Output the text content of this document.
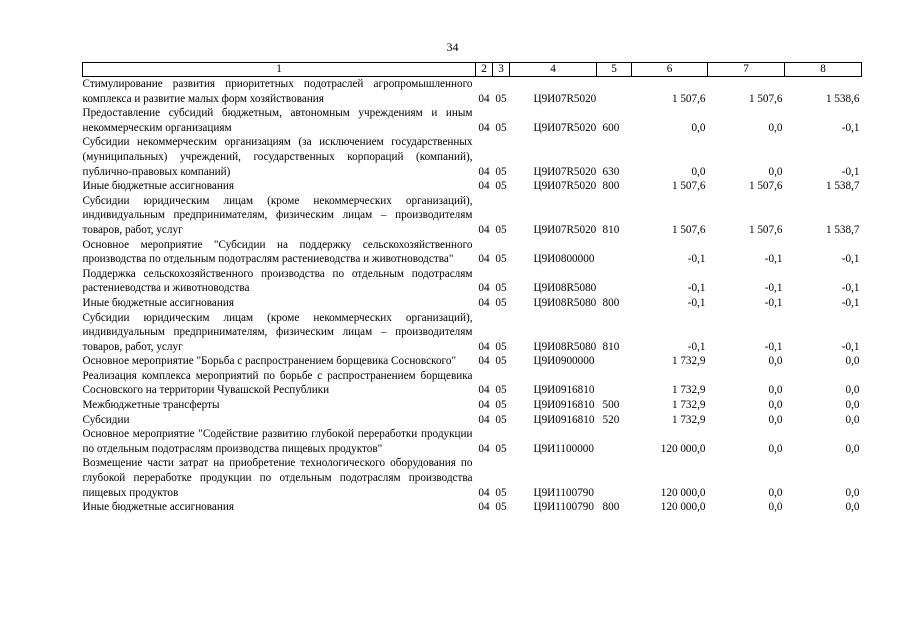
34
1	2	3	4	5	6	7	8
Стимулирование развития приоритетных подотраслей агропромышленного комплекса и развитие малых форм хозяйствования	04	05	Ц9И07R5020		1 507,6	1 507,6	1 538,6
Предоставление субсидий бюджетным, автономным учреждениям и иным некоммерческим организациям	04	05	Ц9И07R5020	600	0,0	0,0	-0,1
Субсидии некоммерческим организациям (за исключением государственных (муниципальных) учреждений, государственных корпораций (компаний), публично-правовых компаний)	04	05	Ц9И07R5020	630	0,0	0,0	-0,1
Иные бюджетные ассигнования	04	05	Ц9И07R5020	800	1 507,6	1 507,6	1 538,7
Субсидии юридическим лицам (кроме некоммерческих организаций), индивидуальным предпринимателям, физическим лицам – производителям товаров, работ, услуг	04	05	Ц9И07R5020	810	1 507,6	1 507,6	1 538,7
Основное мероприятие "Субсидии на поддержку сельскохозяйственного производства по отдельным подотраслям растениеводства и животноводства"	04	05	Ц9И0800000		-0,1	-0,1	-0,1
Поддержка сельскохозяйственного производства по отдельным подотраслям растениеводства и животноводства	04	05	Ц9И08R5080		-0,1	-0,1	-0,1
Иные бюджетные ассигнования	04	05	Ц9И08R5080	800	-0,1	-0,1	-0,1
Субсидии юридическим лицам (кроме некоммерческих организаций), индивидуальным предпринимателям, физическим лицам – производителям товаров, работ, услуг	04	05	Ц9И08R5080	810	-0,1	-0,1	-0,1
Основное мероприятие "Борьба с распространением борщевика Сосновского"	04	05	Ц9И0900000		1 732,9	0,0	0,0
Реализация комплекса мероприятий по борьбе с распространением борщевика Сосновского на территории Чувашской Республики	04	05	Ц9И0916810		1 732,9	0,0	0,0
Межбюджетные трансферты	04	05	Ц9И0916810	500	1 732,9	0,0	0,0
Субсидии	04	05	Ц9И0916810	520	1 732,9	0,0	0,0
Основное мероприятие "Содействие развитию глубокой переработки продукции по отдельным подотраслям производства пищевых продуктов"	04	05	Ц9И1100000		120 000,0	0,0	0,0
Возмещение части затрат на приобретение технологического оборудования по глубокой переработке продукции по отдельным подотраслям производства пищевых продуктов	04	05	Ц9И1100790		120 000,0	0,0	0,0
Иные бюджетные ассигнования	04	05	Ц9И1100790	800	120 000,0	0,0	0,0
